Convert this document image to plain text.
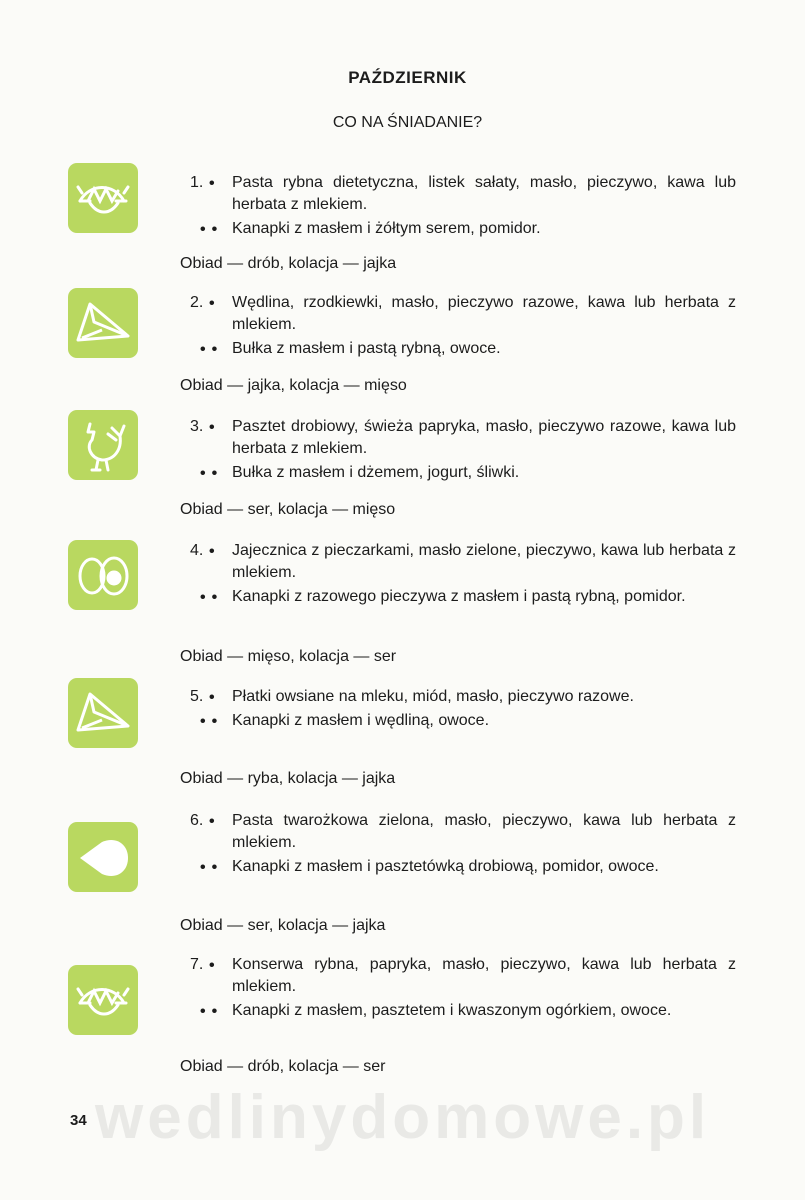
wedlinydomowe.pl
PAŹDZIERNIK
CO NA ŚNIADANIE?
1. • Pasta rybna dietetyczna, listek sałaty, masło, pieczywo, kawa lub herbata z mlekiem.
• • Kanapki z masłem i żółtym serem, pomidor.
Obiad — drób, kolacja — jajka
2. • Wędlina, rzodkiewki, masło, pieczywo razowe, kawa lub herbata z mlekiem.
• • Bułka z masłem i pastą rybną, owoce.
Obiad — jajka, kolacja — mięso
3. • Pasztet drobiowy, świeża papryka, masło, pieczywo razowe, kawa lub herbata z mlekiem.
• • Bułka z masłem i dżemem, jogurt, śliwki.
Obiad — ser, kolacja — mięso
4. • Jajecznica z pieczarkami, masło zielone, pieczywo, kawa lub herbata z mlekiem.
• • Kanapki z razowego pieczywa z masłem i pastą rybną, pomidor.
Obiad — mięso, kolacja — ser
5. • Płatki owsiane na mleku, miód, masło, pieczywo razowe.
• • Kanapki z masłem i wędliną, owoce.
Obiad — ryba, kolacja — jajka
6. • Pasta twarożkowa zielona, masło, pieczywo, kawa lub herbata z mlekiem.
• • Kanapki z masłem i pasztetówką drobiową, pomidor, owoce.
Obiad — ser, kolacja — jajka
7. • Konserwa rybna, papryka, masło, pieczywo, kawa lub herbata z mlekiem.
• • Kanapki z masłem, pasztetem i kwaszonym ogórkiem, owoce.
Obiad — drób, kolacja — ser
34
